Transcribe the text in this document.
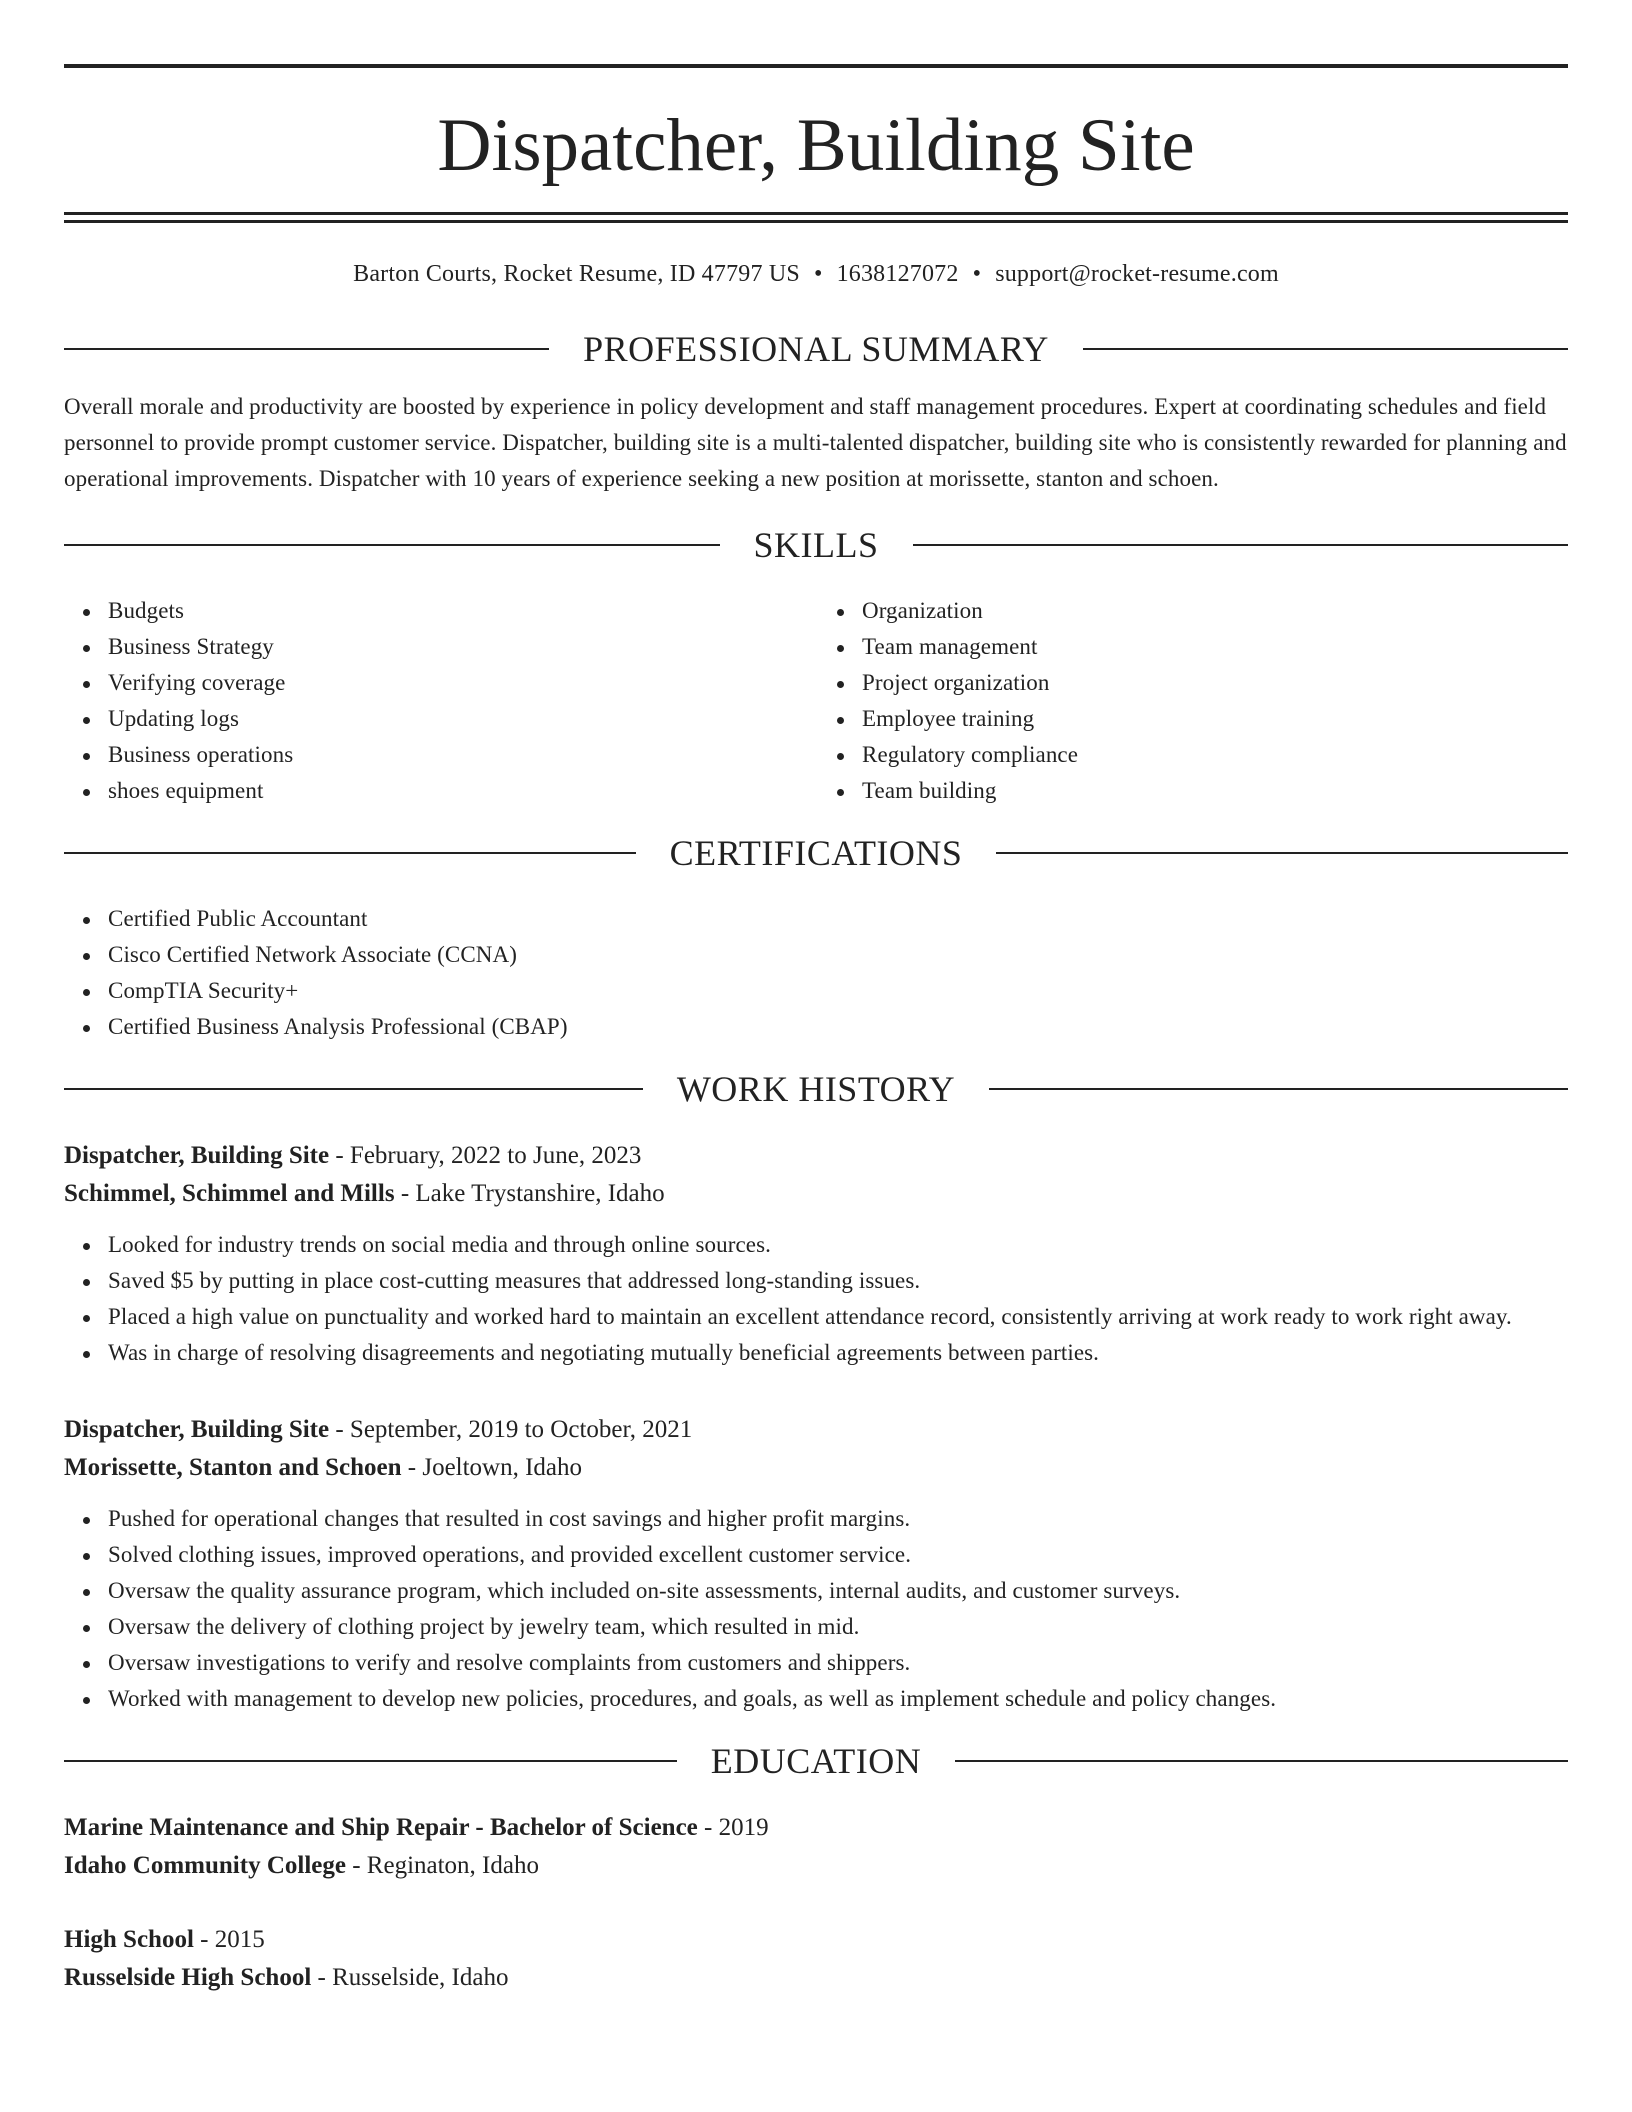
Dispatcher, Building Site
Barton Courts, Rocket Resume, ID 47797 US • 1638127072 • support@rocket-resume.com
PROFESSIONAL SUMMARY

Overall morale and productivity are boosted by experience in policy development and staff management procedures. Expert at coordinating schedules and field personnel to provide prompt customer service. Dispatcher, building site is a multi-talented dispatcher, building site who is consistently rewarded for planning and operational improvements. Dispatcher with 10 years of experience seeking a new position at morissette, stanton and schoen.

SKILLS
Budgets
Business Strategy
Verifying coverage
Updating logs
Business operations
shoes equipment
Organization
Team management
Project organization
Employee training
Regulatory compliance
Team building
CERTIFICATIONS
Certified Public Accountant
Cisco Certified Network Associate (CCNA)
CompTIA Security+
Certified Business Analysis Professional (CBAP)
WORK HISTORY
Dispatcher, Building Site - February, 2022 to June, 2023
Schimmel, Schimmel and Mills - Lake Trystanshire, Idaho
Looked for industry trends on social media and through online sources.
Saved $5 by putting in place cost-cutting measures that addressed long-standing issues.
Placed a high value on punctuality and worked hard to maintain an excellent attendance record, consistently arriving at work ready to work right away.
Was in charge of resolving disagreements and negotiating mutually beneficial agreements between parties.
Dispatcher, Building Site - September, 2019 to October, 2021
Morissette, Stanton and Schoen - Joeltown, Idaho
Pushed for operational changes that resulted in cost savings and higher profit margins.
Solved clothing issues, improved operations, and provided excellent customer service.
Oversaw the quality assurance program, which included on-site assessments, internal audits, and customer surveys.
Oversaw the delivery of clothing project by jewelry team, which resulted in mid.
Oversaw investigations to verify and resolve complaints from customers and shippers.
Worked with management to develop new policies, procedures, and goals, as well as implement schedule and policy changes.
EDUCATION
Marine Maintenance and Ship Repair - Bachelor of Science - 2019
Idaho Community College - Reginaton, Idaho
High School - 2015
Russelside High School - Russelside, Idaho
